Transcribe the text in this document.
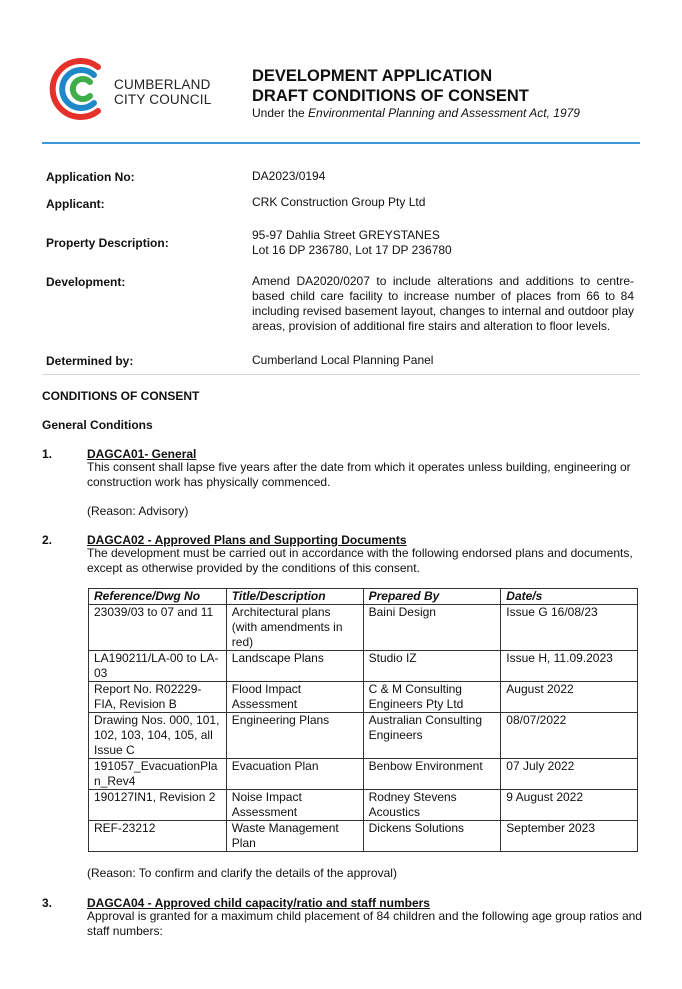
CUMBERLAND
CITY COUNCIL
DEVELOPMENT APPLICATION
DRAFT CONDITIONS OF CONSENT
Under the Environmental Planning and Assessment Act, 1979
Application No:	DA2023/0194
Applicant:	CRK Construction Group Pty Ltd
Property Description:
95-97 Dahlia Street GREYSTANES
Lot 16 DP 236780, Lot 17 DP 236780
Development:	Amend DA2020/0207 to include alterations and additions to centre-based child care facility to increase number of places from 66 to 84 including revised basement layout, changes to internal and outdoor play areas, provision of additional fire stairs and alteration to floor levels.
Determined by:	Cumberland Local Planning Panel
CONDITIONS OF CONSENT
General Conditions
1.	DAGCA01- General
This consent shall lapse five years after the date from which it operates unless building, engineering or construction work has physically commenced.
(Reason: Advisory)
2.	DAGCA02 - Approved Plans and Supporting Documents
The development must be carried out in accordance with the following endorsed plans and documents, except as otherwise provided by the conditions of this consent.
Reference/Dwg No	Title/Description	Prepared By	Date/s
23039/03 to 07 and 11	Architectural plans (with amendments in red)	Baini Design	Issue G 16/08/23
LA190211/LA-00 to LA-03	Landscape Plans	Studio IZ	Issue H, 11.09.2023
Report No. R02229-FIA, Revision B	Flood Impact Assessment	C & M Consulting Engineers Pty Ltd	August 2022
Drawing Nos. 000, 101, 102, 103, 104, 105, all Issue C	Engineering Plans	Australian Consulting Engineers	08/07/2022
191057_EvacuationPlan_Rev4	Evacuation Plan	Benbow Environment	07 July 2022
190127IN1, Revision 2	Noise Impact Assessment	Rodney Stevens Acoustics	9 August 2022
REF-23212	Waste Management Plan	Dickens Solutions	September 2023
(Reason: To confirm and clarify the details of the approval)
3.	DAGCA04 - Approved child capacity/ratio and staff numbers
Approval is granted for a maximum child placement of 84 children and the following age group ratios and staff numbers:
